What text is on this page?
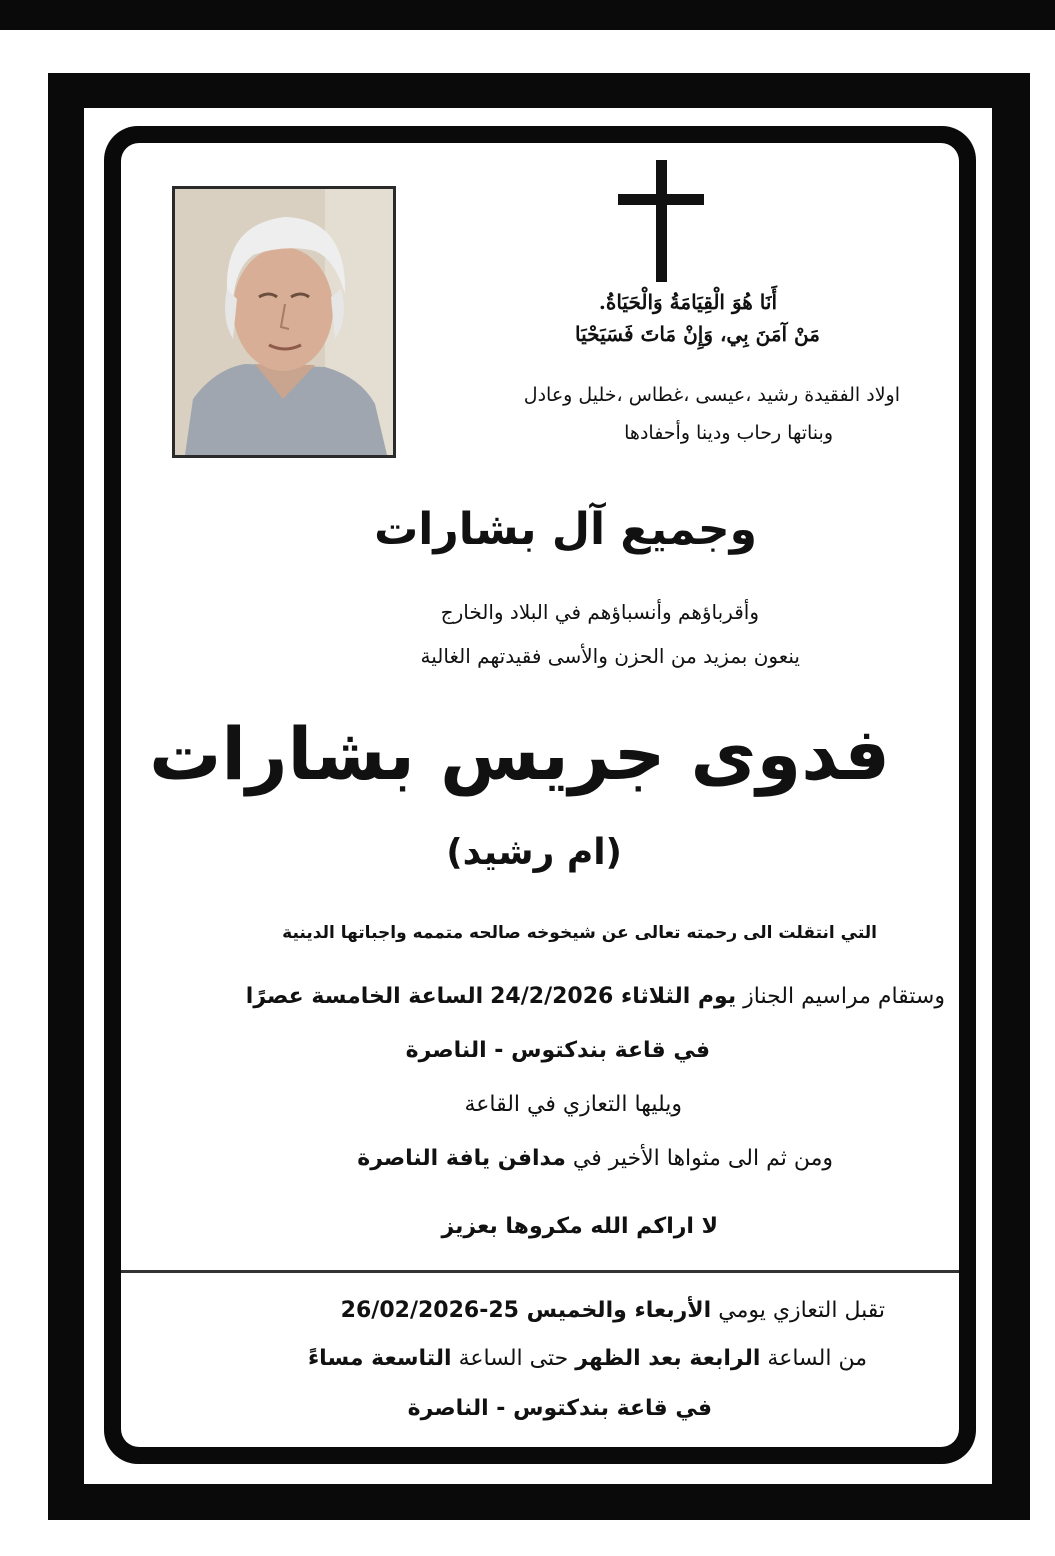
أَنَا هُوَ الْقِيَامَةُ وَالْحَيَاةُ.

مَنْ آمَنَ بِي، وَإِنْ مَاتَ فَسَيَحْيَا

اولاد الفقيدة رشيد ،عيسى ،غطاس ،خليل وعادل

وبناتها رحاب ودينا وأحفادها

وجميع آل بشارات

وأقرباؤهم وأنسباؤهم في البلاد والخارج

ينعون بمزيد من الحزن والأسى فقيدتهم الغالية

فدوى جريس بشارات

(ام رشيد)

التي انتقلت الى رحمته تعالى عن شيخوخه صالحه متممه واجباتها الدينية

وستقام مراسيم الجناز يوم الثلاثاء 24/2/2026 الساعة الخامسة عصرًا

في قاعة بندكتوس - الناصرة

ويليها التعازي في القاعة

ومن ثم الى مثواها الأخير في مدافن يافة الناصرة

لا اراكم الله مكروها بعزيز

تقبل التعازي يومي الأربعاء والخميس 25-26/02/2026

من الساعة الرابعة بعد الظهر حتى الساعة التاسعة مساءً

في قاعة بندكتوس - الناصرة
